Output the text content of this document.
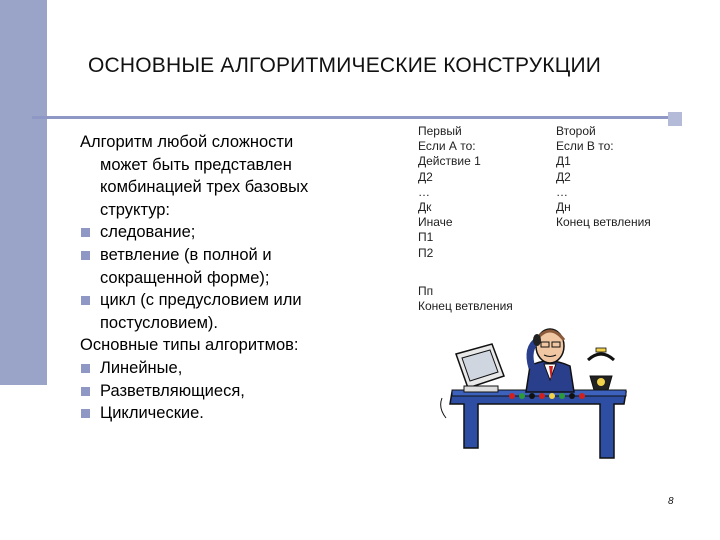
ОСНОВНЫЕ АЛГОРИТМИЧЕСКИЕ КОНСТРУКЦИИ
Алгоритм любой сложности
может быть представлен
комбинацией трех базовых
структур:
следование;
ветвление (в полной и
сокращенной форме);
цикл (с предусловием или
постусловием).
Основные типы алгоритмов:
Линейные,
Разветвляющиеся,
Циклические.
Первый
Если А то:
Действие 1
Д2
…
Дк
Иначе
П1
П2
Пп
Конец ветвления
Второй
Если В то:
Д1
Д2
…
Дн
Конец ветвления
8
